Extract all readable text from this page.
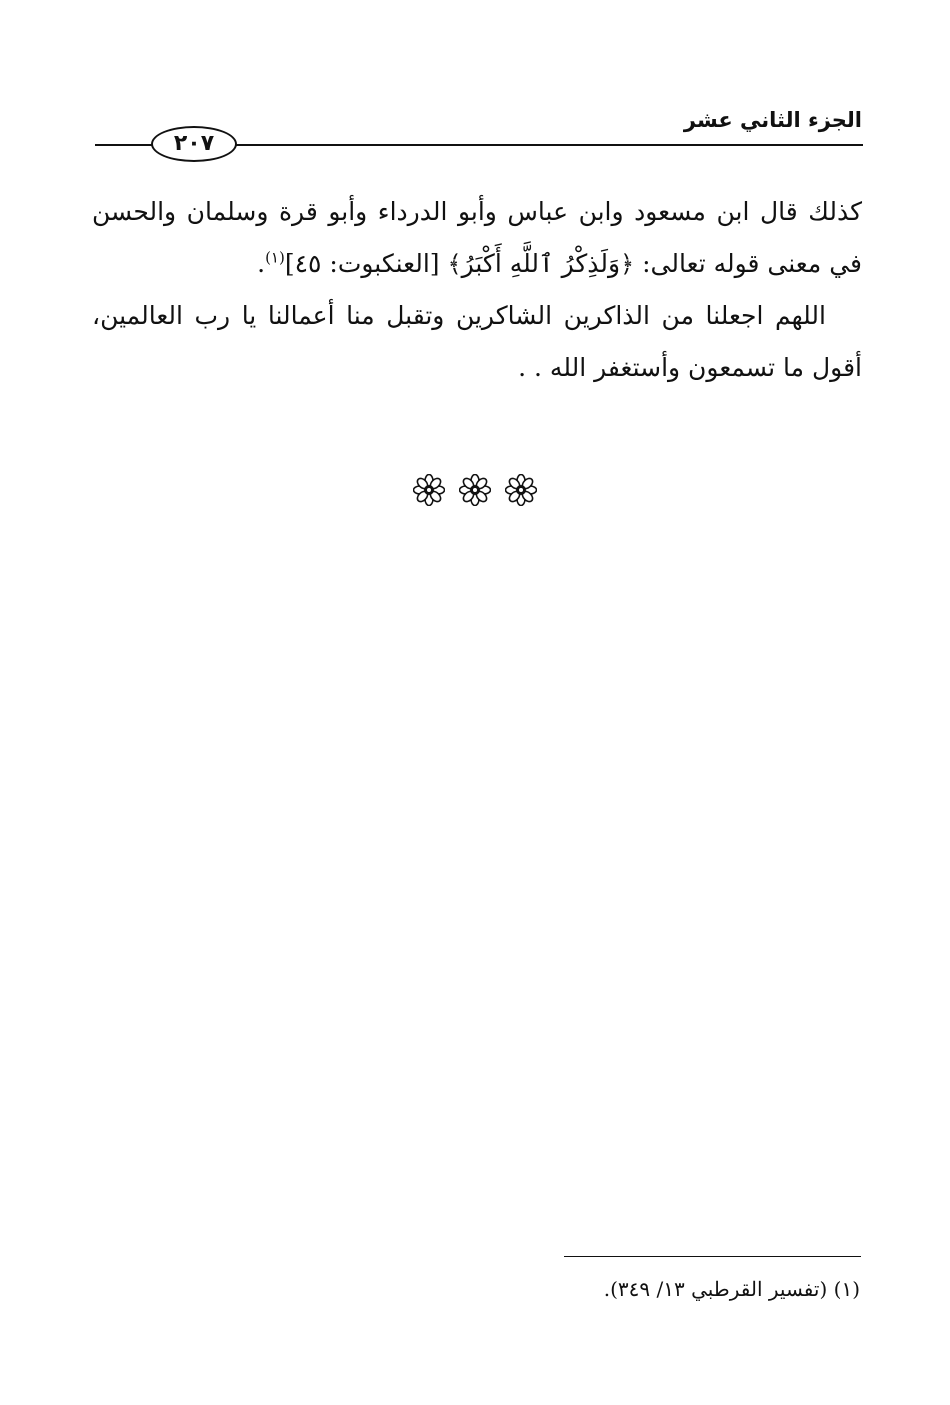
الجزء الثاني عشر
٢٠٧

كذلك قال ابن مسعود وابن عباس وأبو الدرداء وأبو قرة وسلمان والحسن في معنى قوله تعالى: ﴿وَلَذِكْرُ ٱللَّهِ أَكْبَرُ﴾ [العنكبوت: ٤٥]$^{(١)}$.

اللهم اجعلنا من الذاكرين الشاكرين وتقبل منا أعمالنا يا رب العالمين، أقول ما تسمعون وأستغفر الله . .

(١) (تفسير القرطبي ١٣/ ٣٤٩).
